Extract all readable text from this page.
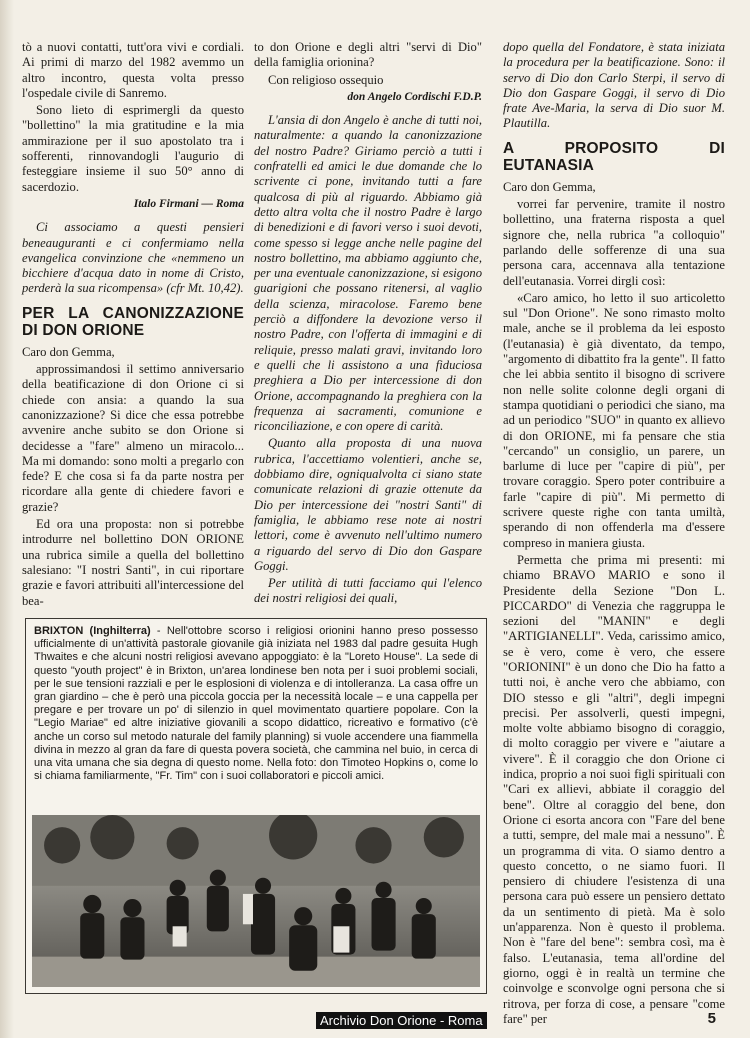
tò a nuovi contatti, tutt'ora vivi e cordiali. Ai primi di marzo del 1982 avemmo un altro incontro, questa volta presso l'ospedale civile di Sanremo.

Sono lieto di esprimergli da questo "bollettino" la mia gratitudine e la mia ammirazione per il suo apostolato tra i sofferenti, rinnovandogli l'augurio di festeggiare insieme il suo 50° anno di sacerdozio.

Italo Firmani — Roma

Ci associamo a questi pensieri beneauguranti e ci confermiamo nella evangelica convinzione che «nemmeno un bicchiere d'acqua dato in nome di Cristo, perderà la sua ricompensa» (cfr Mt. 10,42).

PER LA CANONIZZAZIONE DI DON ORIONE

Caro don Gemma,

approssimandosi il settimo anniversario della beatificazione di don Orione ci si chiede con ansia: a quando la sua canonizzazione? Si dice che essa potrebbe avvenire anche subito se don Orione si decidesse a "fare" almeno un miracolo... Ma mi domando: sono molti a pregarlo con fede? E che cosa si fa da parte nostra per ricordare alla gente di chiedere favori e grazie?

Ed ora una proposta: non si potrebbe introdurre nel bollettino DON ORIONE una rubrica simile a quella del bollettino salesiano: "I nostri Santi", in cui riportare grazie e favori attribuiti all'intercessione del bea-

to don Orione e degli altri "servi di Dio" della famiglia orionina?

Con religioso ossequio

don Angelo Cordischi F.D.P.

L'ansia di don Angelo è anche di tutti noi, naturalmente: a quando la canonizzazione del nostro Padre? Giriamo perciò a tutti i confratelli ed amici le due domande che lo scrivente ci pone, invitando tutti a fare qualcosa di più al riguardo. Abbiamo già detto altra volta che il nostro Padre è largo di benedizioni e di favori verso i suoi devoti, come spesso si legge anche nelle pagine del nostro bollettino, ma abbiamo aggiunto che, per una eventuale canonizzazione, si esigono guarigioni che possano ritenersi, al vaglio della scienza, miracolose. Faremo bene perciò a diffondere la devozione verso il nostro Padre, con l'offerta di immagini e di reliquie, presso malati gravi, invitando loro e quelli che li assistono a una fiduciosa preghiera a Dio per intercessione di don Orione, accompagnando la preghiera con la frequenza ai sacramenti, comunione e riconciliazione, e con opere di carità.

Quanto alla proposta di una nuova rubrica, l'accettiamo volentieri, anche se, dobbiamo dire, ogniqualvolta ci siano state comunicate relazioni di grazie ottenute da Dio per intercessione dei "nostri Santi" di famiglia, le abbiamo rese note ai nostri lettori, come è avvenuto nell'ultimo numero a riguardo del servo di Dio don Gaspare Goggi.

Per utilità di tutti facciamo qui l'elenco dei nostri religiosi dei quali,

dopo quella del Fondatore, è stata iniziata la procedura per la beatificazione. Sono: il servo di Dio don Carlo Sterpi, il servo di Dio don Gaspare Goggi, il servo di Dio frate Ave-Maria, la serva di Dio suor M. Plautilla.

A PROPOSITO DI EUTANASIA

Caro don Gemma,

vorrei far pervenire, tramite il nostro bollettino, una fraterna risposta a quel signore che, nella rubrica "a colloquio" parlando delle sofferenze di una sua persona cara, accennava alla tentazione dell'eutanasia. Vorrei dirgli così:

«Caro amico, ho letto il suo articoletto sul "Don Orione". Ne sono rimasto molto male, anche se il problema da lei esposto (l'eutanasia) è già diventato, da tempo, "argomento di dibattito fra la gente". Il fatto che lei abbia sentito il bisogno di scrivere non nelle solite colonne degli organi di stampa quotidiani o periodici che siano, ma ad un periodico "SUO" in quanto ex allievo di don ORIONE, mi fa pensare che stia "cercando" un consiglio, un parere, un barlume di luce per "capire di più", per trovare coraggio. Spero poter contribuire a farle "capire di più". Mi permetto di scrivere queste righe con tanta umiltà, sperando di non offenderla ma d'essere compreso in maniera giusta.

Permetta che prima mi presenti: mi chiamo BRAVO MARIO e sono il Presidente della Sezione "Don L. PICCARDO" di Venezia che raggruppa le sezioni del "MANIN" e degli "ARTIGIANELLI". Veda, carissimo amico, se è vero, come è vero, che essere "ORIONINI" è un dono che Dio ha fatto a tutti noi, è anche vero che abbiamo, con DIO stesso e gli "altri", degli impegni precisi. Per assolverli, questi impegni, molte volte abbiamo bisogno di coraggio, di molto coraggio per vivere e "aiutare a vivere". È il coraggio che don Orione ci indica, proprio a noi suoi figli spirituali con "Cari ex allievi, abbiate il coraggio del bene". Oltre al coraggio del bene, don Orione ci esorta ancora con "Fare del bene a tutti, sempre, del male mai a nessuno". È un programma di vita. O siamo dentro a questo concetto, o ne siamo fuori. Il pensiero di chiudere l'esistenza di una persona cara può essere un pensiero dettato da un sentimento di pietà. Ma è solo un'apparenza. Non è questo il problema. Non è "fare del bene": sembra così, ma è falso. L'eutanasia, tema all'ordine del giorno, oggi è in realtà un termine che coinvolge e sconvolge ogni persona che si ritrova, per forza di cose, a pensare "come fare" per

BRIXTON (Inghilterra) - Nell'ottobre scorso i religiosi orionini hanno preso possesso ufficialmente di un'attività pastorale giovanile già iniziata nel 1983 dal padre gesuita Hugh Thwaites e che alcuni nostri religiosi avevano appoggiato: è la "Loreto House". La sede di questo "youth project" è in Brixton, un'area londinese ben nota per i suoi problemi sociali, per le sue tensioni razziali e per le esplosioni di violenza e di intolleranza. La casa offre un gran giardino – che è però una piccola goccia per la necessità locale – e una cappella per pregare e per trovare un po' di silenzio in quel movimentato quartiere popolare. Con la "Legio Mariae" ed altre iniziative giovanili a scopo didattico, ricreativo e formativo (c'è anche un corso sul metodo naturale del family planning) si vuole accendere una fiammella divina in mezzo al gran da fare di questa povera società, che cammina nel buio, in cerca di una vita umana che sia degna di questo nome. Nella foto: don Timoteo Hopkins o, come lo si chiama familiarmente, "Fr. Tim" con i suoi collaboratori e piccoli amici.
Archivio Don Orione - Roma	5
